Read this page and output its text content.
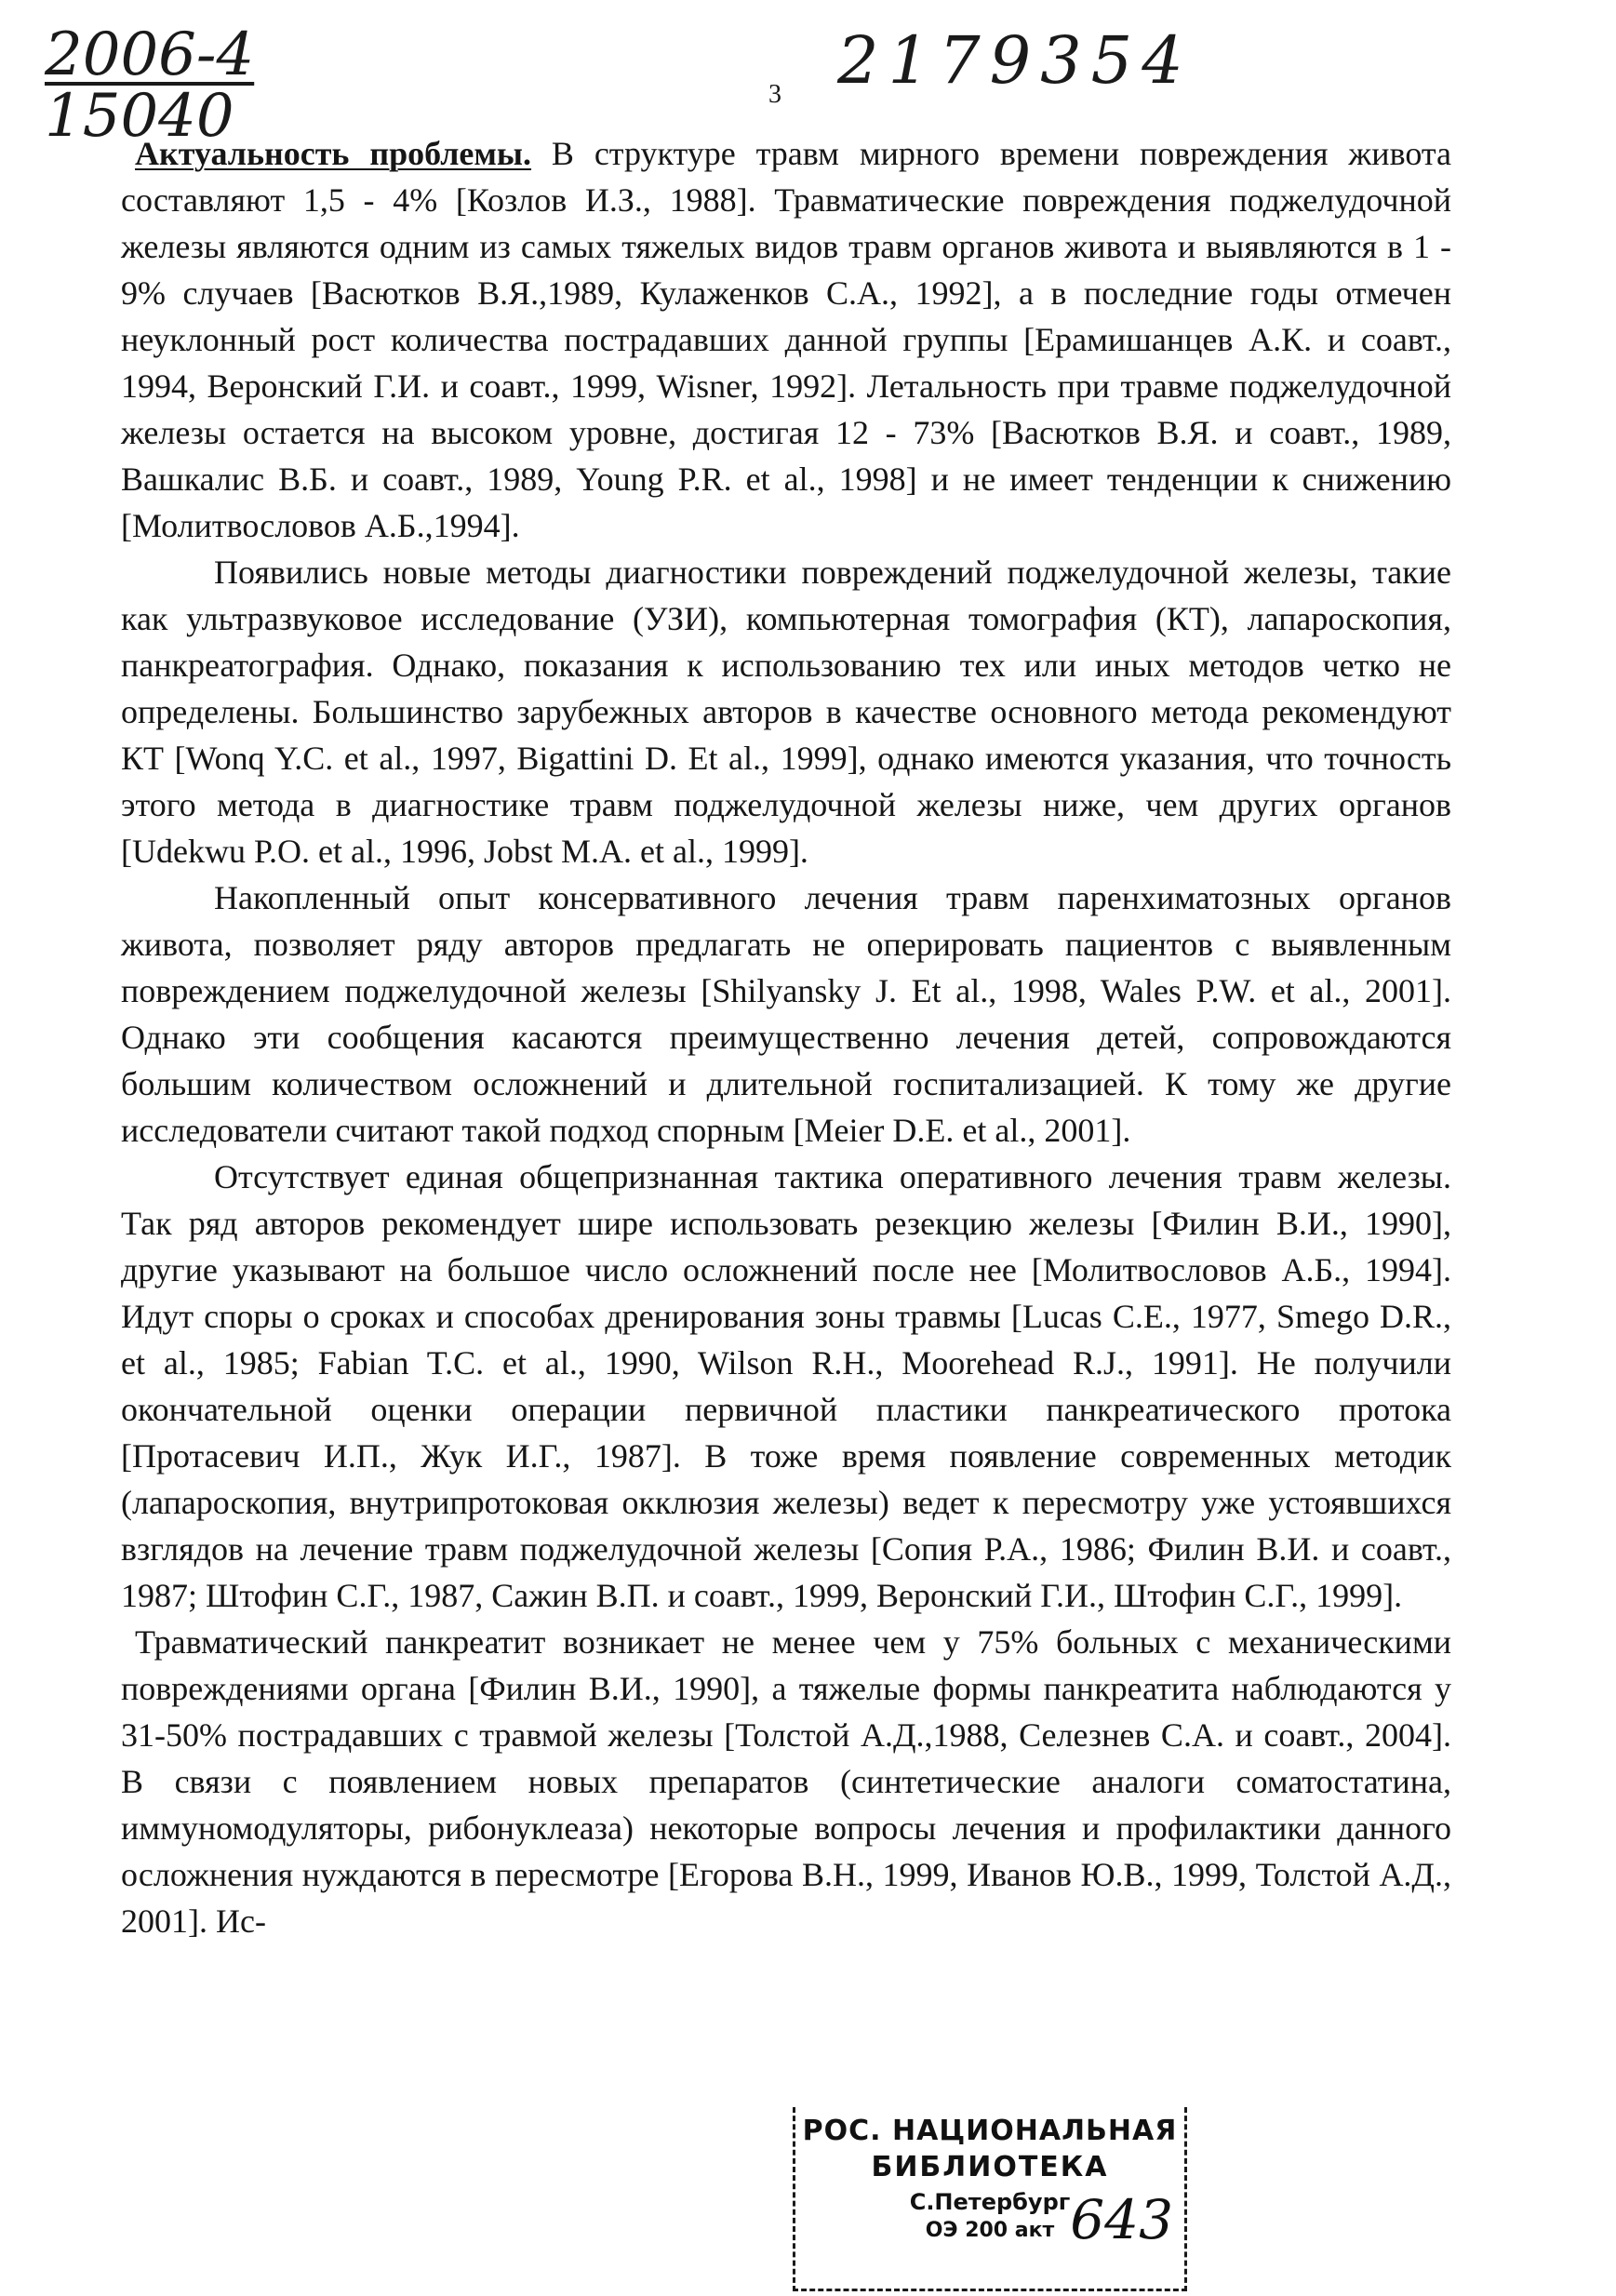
2006-4
15040	3 2179354

Актуальность проблемы. В структуре травм мирного времени повреждения живота составляют 1,5 - 4% [Козлов И.З., 1988]. Травматические повреждения поджелудочной железы являются одним из самых тяжелых видов травм органов живота и выявляются в 1 - 9% случаев [Васютков В.Я.,1989, Кулаженков С.А., 1992], а в последние годы отмечен неуклонный рост количества пострадавших данной группы [Ерамишанцев А.К. и соавт., 1994, Веронский Г.И. и соавт., 1999, Wisner, 1992]. Летальность при травме поджелудочной железы остается на высоком уровне, достигая 12 - 73% [Васютков В.Я. и соавт., 1989, Вашкалис В.Б. и соавт., 1989, Young P.R. et al., 1998] и не имеет тенденции к снижению [Молитвословов А.Б.,1994].

Появились новые методы диагностики повреждений поджелудочной железы, такие как ультразвуковое исследование (УЗИ), компьютерная томография (КТ), лапароскопия, панкреатография. Однако, показания к использованию тех или иных методов четко не определены. Большинство зарубежных авторов в качестве основного метода рекомендуют КТ [Wonq Y.C. et al., 1997, Bigattini D. Et al., 1999], однако имеются указания, что точность этого метода в диагностике травм поджелудочной железы ниже, чем других органов [Udekwu P.O. et al., 1996, Jobst M.A. et al., 1999].

Накопленный опыт консервативного лечения травм паренхиматозных органов живота, позволяет ряду авторов предлагать не оперировать пациентов с выявленным повреждением поджелудочной железы [Shilyansky J. Et al., 1998, Wales P.W. et al., 2001]. Однако эти сообщения касаются преимущественно лечения детей, сопровождаются большим количеством осложнений и длительной госпитализацией. К тому же другие исследователи считают такой подход спорным [Meier D.E. et al., 2001].

Отсутствует единая общепризнанная тактика оперативного лечения травм железы. Так ряд авторов рекомендует шире использовать резекцию железы [Филин В.И., 1990], другие указывают на большое число осложнений после нее [Молитвословов А.Б., 1994]. Идут споры о сроках и способах дренирования зоны травмы [Lucas C.E., 1977, Smego D.R., et al., 1985; Fabian T.C. et al., 1990, Wilson R.H., Moorehead R.J., 1991]. Не получили окончательной оценки операции первичной пластики панкреатического протока [Протасевич И.П., Жук И.Г., 1987]. В тоже время появление современных методик (лапароскопия, внутрипротоковая окклюзия железы) ведет к пересмотру уже устоявшихся взглядов на лечение травм поджелудочной железы [Сопия Р.А., 1986; Филин В.И. и соавт., 1987; Штофин С.Г., 1987, Сажин В.П. и соавт., 1999, Веронский Г.И., Штофин С.Г., 1999].

Травматический панкреатит возникает не менее чем у 75% больных с механическими повреждениями органа [Филин В.И., 1990], а тяжелые формы панкреатита наблюдаются у 31-50% пострадавших с травмой железы [Толстой А.Д.,1988, Селезнев С.А. и соавт., 2004]. В связи с появлением новых препаратов (синтетические аналоги соматостатина, иммуномодуляторы, рибонуклеаза) некоторые вопросы лечения и профилактики данного осложнения нуждаются в пересмотре [Егорова В.Н., 1999, Иванов Ю.В., 1999, Толстой А.Д., 2001]. Ис-

РОС. НАЦИОНАЛЬНАЯ
БИБЛИОТЕКА
С.Петербург
ОЭ 200 акт 643
